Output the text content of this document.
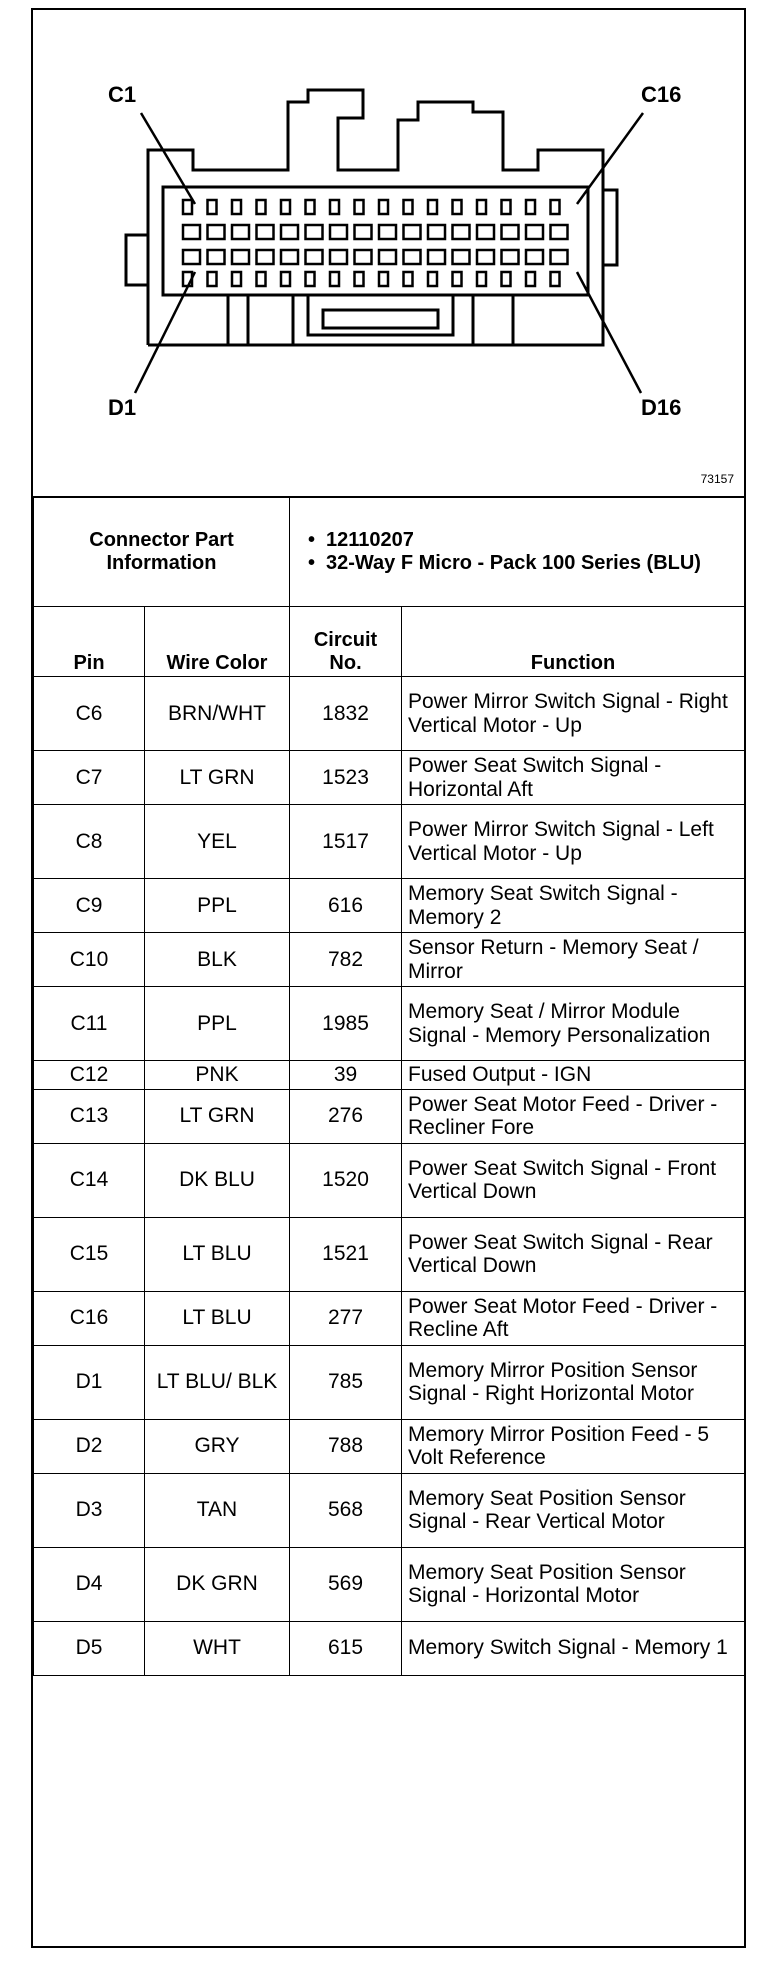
C1	C16
D1	D16
73157
Connector Part Information		• 12110207
• 32-Way F Micro - Pack 100 Series (BLU)

Pin	Wire Color	Circuit No.	Function
C6	BRN/WHT	1832	Power Mirror Switch Signal - Right Vertical Motor - Up
C7	LT GRN	1523	Power Seat Switch Signal - Horizontal Aft
C8	YEL	1517	Power Mirror Switch Signal - Left Vertical Motor - Up
C9	PPL	616	Memory Seat Switch Signal - Memory 2
C10	BLK	782	Sensor Return - Memory Seat / Mirror
C11	PPL	1985	Memory Seat / Mirror Module Signal - Memory Personalization
C12	PNK	39	Fused Output - IGN
C13	LT GRN	276	Power Seat Motor Feed - Driver - Recliner Fore
C14	DK BLU	1520	Power Seat Switch Signal - Front Vertical Down
C15	LT BLU	1521	Power Seat Switch Signal - Rear Vertical Down
C16	LT BLU	277	Power Seat Motor Feed - Driver - Recline Aft
D1	LT BLU/ BLK	785	Memory Mirror Position Sensor Signal - Right Horizontal Motor
D2	GRY	788	Memory Mirror Position Feed - 5 Volt Reference
D3	TAN	568	Memory Seat Position Sensor Signal - Rear Vertical Motor
D4	DK GRN	569	Memory Seat Position Sensor Signal - Horizontal Motor
D5	WHT	615	Memory Switch Signal - Memory 1
